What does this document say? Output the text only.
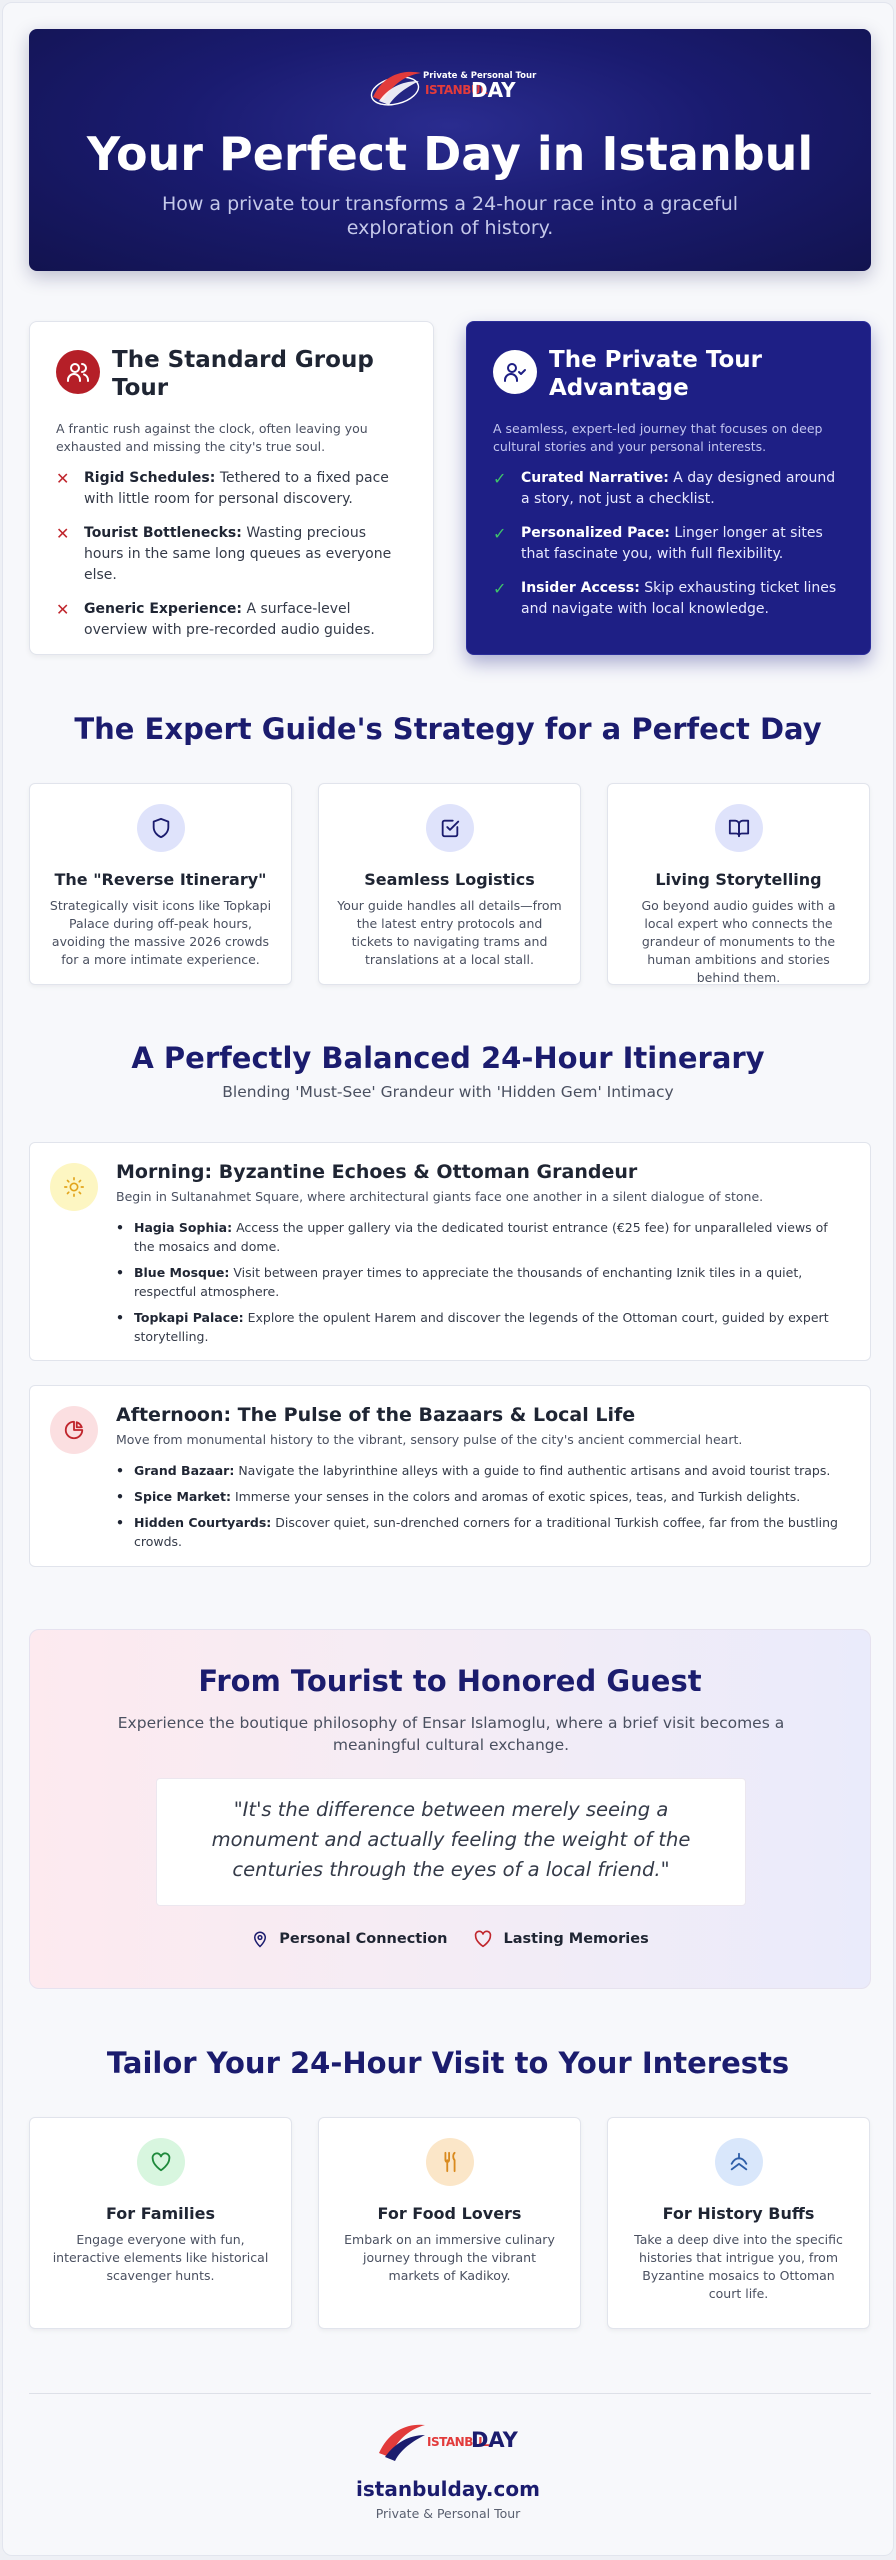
Private & Personal Tour
ISTANBUL
DAY
Your Perfect Day in Istanbul

How a private tour transforms a 24-hour race into a graceful exploration of history.

The Standard Group Tour

A frantic rush against the clock, often leaving you exhausted and missing the city's true soul.

✕	Rigid Schedules: Tethered to a fixed pace with little room for personal discovery.
✕	Tourist Bottlenecks: Wasting precious hours in the same long queues as everyone else.
✕	Generic Experience: A surface-level overview with pre-recorded audio guides.
The Private Tour Advantage

A seamless, expert-led journey that focuses on deep cultural stories and your personal interests.

✓	Curated Narrative: A day designed around a story, not just a checklist.
✓	Personalized Pace: Linger longer at sites that fascinate you, with full flexibility.
✓	Insider Access: Skip exhausting ticket lines and navigate with local knowledge.
The Expert Guide's Strategy for a Perfect Day
The "Reverse Itinerary"

Strategically visit icons like Topkapi Palace during off-peak hours, avoiding the massive 2026 crowds for a more intimate experience.

Seamless Logistics

Your guide handles all details—from the latest entry protocols and tickets to navigating trams and translations at a local stall.

Living Storytelling

Go beyond audio guides with a local expert who connects the grandeur of monuments to the human ambitions and stories behind them.

A Perfectly Balanced 24-Hour Itinerary
Blending 'Must-See' Grandeur with 'Hidden Gem' Intimacy
Morning: Byzantine Echoes & Ottoman Grandeur

Begin in Sultanahmet Square, where architectural giants face one another in a silent dialogue of stone.

• Hagia Sophia: Access the upper gallery via the dedicated tourist entrance (€25 fee) for unparalleled views of the mosaics and dome.
• Blue Mosque: Visit between prayer times to appreciate the thousands of enchanting Iznik tiles in a quiet, respectful atmosphere.
• Topkapi Palace: Explore the opulent Harem and discover the legends of the Ottoman court, guided by expert storytelling.
Afternoon: The Pulse of the Bazaars & Local Life

Move from monumental history to the vibrant, sensory pulse of the city's ancient commercial heart.

• Grand Bazaar: Navigate the labyrinthine alleys with a guide to find authentic artisans and avoid tourist traps.
• Spice Market: Immerse your senses in the colors and aromas of exotic spices, teas, and Turkish delights.
• Hidden Courtyards: Discover quiet, sun-drenched corners for a traditional Turkish coffee, far from the bustling crowds.
From Tourist to Honored Guest

Experience the boutique philosophy of Ensar Islamoglu, where a brief visit becomes a meaningful cultural exchange.

"It's the difference between merely seeing a monument and actually feeling the weight of the centuries through the eyes of a local friend."
Personal Connection	Lasting Memories
Tailor Your 24-Hour Visit to Your Interests
For Families

Engage everyone with fun, interactive elements like historical scavenger hunts.

For Food Lovers

Embark on an immersive culinary journey through the vibrant markets of Kadikoy.

For History Buffs

Take a deep dive into the specific histories that intrigue you, from Byzantine mosaics to Ottoman court life.

ISTANBUL
DAY
istanbulday.com
Private & Personal Tour
